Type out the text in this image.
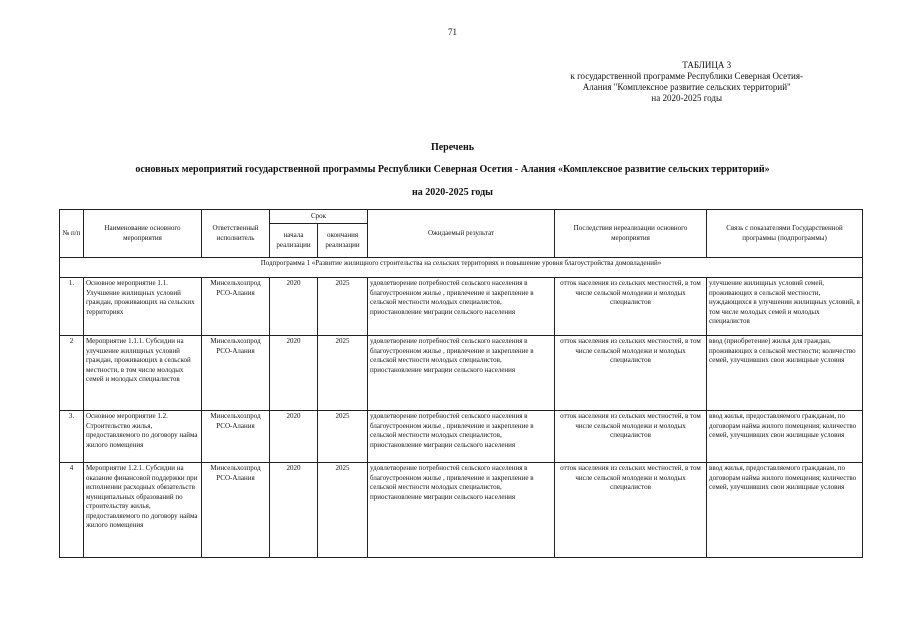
71
ТАБЛИЦА 3
к государственной программе Республики Северная Осетия-
Алания "Комплексное развитие сельских территорий"
на 2020-2025 годы
Перечень
основных мероприятий государственной программы Республики Северная Осетия - Алания «Комплексное развитие сельских территорий»
на 2020-2025 годы
№ п/п	Наименование основного мероприятия	Ответственный исполнитель	Срок		Ожидаемый результат	Последствия нереализации основного мероприятия	Связь с показателями Государственной программы (подпрограммы)
			начала реализации	окончания реализации			
Подпрограмма 1 «Развитие жилищного строительства на сельских территориях и повышение уровня благоустройства домовладений»							
1.	Основное мероприятие 1.1. Улучшение жилищных условий граждан, проживающих на сельских территориях	Минсельхозпрод РСО-Алания	2020	2025	удовлетворение потребностей сельского населения в благоустроенном жилье , привлечение и закрепление в сельской местности молодых специалистов, приостановление миграции сельского населения	отток населения из сельских местностей, в том числе сельской молодежи и молодых специалистов	улучшение жилищных условий семей, проживающих в сельской местности, нуждающихся в улучшении жилищных условий, в том числе молодых семей и молодых специалистов
2	Мероприятие 1.1.1. Субсидии на улучшение жилищных условий граждан, проживающих в сельской местности, в том числе молодых семей и молодых специалистов	Минсельхозпрод РСО-Алания	2020	2025	удовлетворение потребностей сельского населения в благоустроенном жилье , привлечение и закрепление в сельской местности молодых специалистов, приостановление миграции сельского населения	отток населения из сельских местностей, в том числе сельской молодежи и молодых специалистов	ввод (приобретение) жилья для граждан, проживающих в сельской местности; количество семей, улучшивших свои жилищные условия
3.	Основное мероприятие 1.2. Строительство жилья, предоставляемого по договору найма жилого помещения	Минсельхозпрод РСО-Алания	2020	2025	удовлетворение потребностей сельского населения в благоустроенном жилье , привлечение и закрепление в сельской местности молодых специалистов, приостановление миграции сельского населения	отток населения из сельских местностей, в том числе сельской молодежи и молодых специалистов	ввод жилья, предоставляемого гражданам, по договорам найма жилого помещения; количество семей, улучшивших свои жилищные условия
4	Мероприятие 1.2.1. Субсидии на оказание финансовой поддержки при исполнении расходных обязательств муниципальных образований по строительству жилья, предоставляемого по договору найма жилого помещения	Минсельхозпрод РСО-Алания	2020	2025	удовлетворение потребностей сельского населения в благоустроенном жилье , привлечение и закрепление в сельской местности молодых специалистов, приостановление миграции сельского населения	отток населения из сельских местностей, в том числе сельской молодежи и молодых специалистов	ввод жилья, предоставляемого гражданам, по договорам найма жилого помещения; количество семей, улучшивших свои жилищные условия
